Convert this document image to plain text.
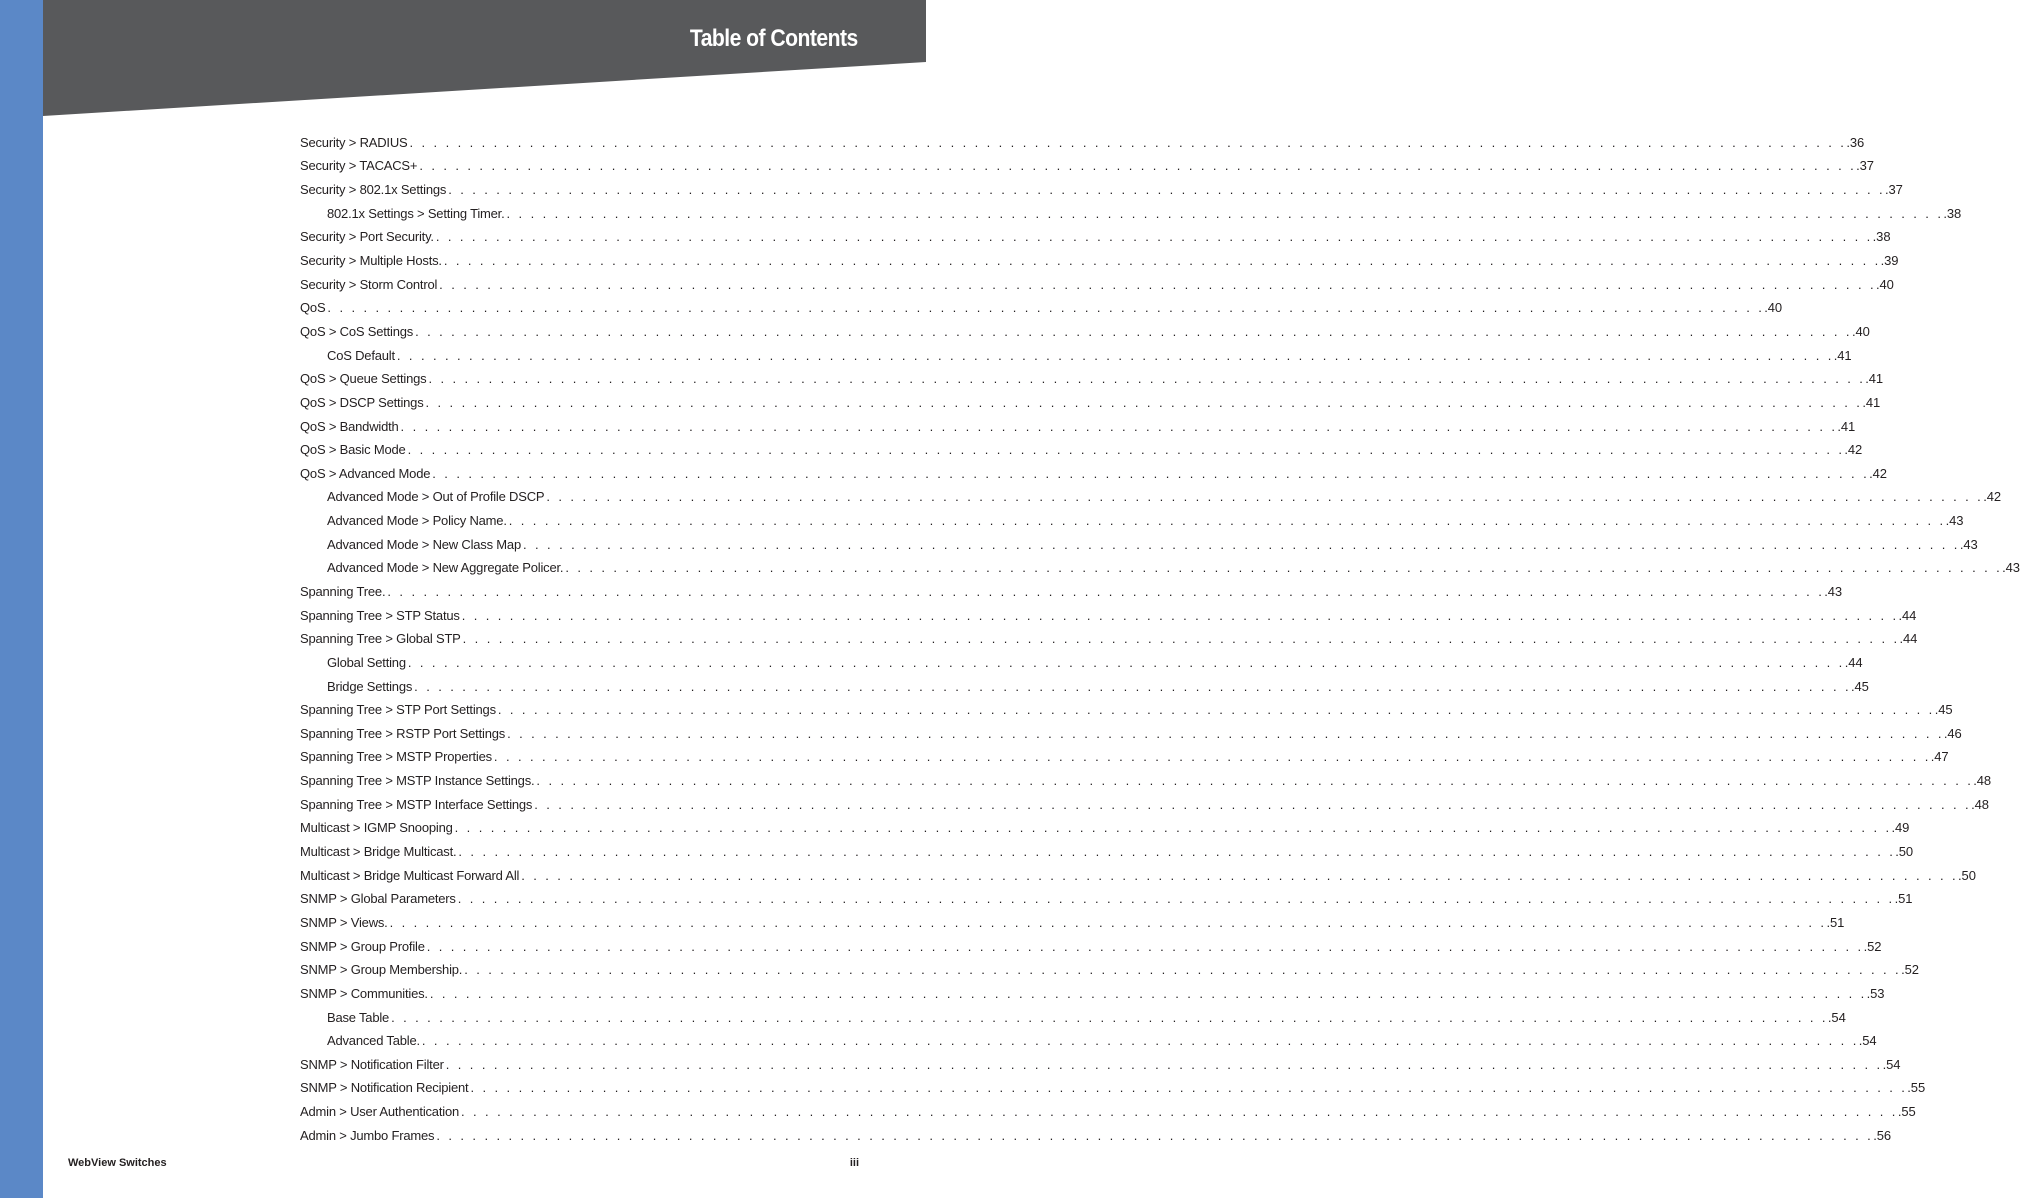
Table of Contents
Security > RADIUS . . . . . . . . . . . . . . . . . . . . . . . . . . . . . . . . . . . . . . . . . . . . . . . . . . . . . . . . . . . . . . . . . . . . . . . . . . . . . . . . . . . . . . . . . . . . . . . . . . . . . . . . . . . . . . . . . . . . . . . . .36
Security > TACACS+ . . . . . . . . . . . . . . . . . . . . . . . . . . . . . . . . . . . . . . . . . . . . . . . . . . . . . . . . . . . . . . . . . . . . . . . . . . . . . . . . . . . . . . . . . . . . . . . . . . . . . . . . . . . . . . . . . . . . . . . . .37
Security > 802.1x Settings . . . . . . . . . . . . . . . . . . . . . . . . . . . . . . . . . . . . . . . . . . . . . . . . . . . . . . . . . . . . . . . . . . . . . . . . . . . . . . . . . . . . . . . . . . . . . . . . . . . . . . . . . . . . . . . . . . . . . . . . .37
802.1x Settings > Setting Timer. . . . . . . . . . . . . . . . . . . . . . . . . . . . . . . . . . . . . . . . . . . . . . . . . . . . . . . . . . . . . . . . . . . . . . . . . . . . . . . . . . . . . . . . . . . . . . . . . . . . . . . . . . . . . . . . . . . . . . . . . .38
Security > Port Security. . . . . . . . . . . . . . . . . . . . . . . . . . . . . . . . . . . . . . . . . . . . . . . . . . . . . . . . . . . . . . . . . . . . . . . . . . . . . . . . . . . . . . . . . . . . . . . . . . . . . . . . . . . . . . . . . . . . . . . . . .38
Security > Multiple Hosts. . . . . . . . . . . . . . . . . . . . . . . . . . . . . . . . . . . . . . . . . . . . . . . . . . . . . . . . . . . . . . . . . . . . . . . . . . . . . . . . . . . . . . . . . . . . . . . . . . . . . . . . . . . . . . . . . . . . . . . . . .39
Security > Storm Control . . . . . . . . . . . . . . . . . . . . . . . . . . . . . . . . . . . . . . . . . . . . . . . . . . . . . . . . . . . . . . . . . . . . . . . . . . . . . . . . . . . . . . . . . . . . . . . . . . . . . . . . . . . . . . . . . . . . . . . . .40
QoS . . . . . . . . . . . . . . . . . . . . . . . . . . . . . . . . . . . . . . . . . . . . . . . . . . . . . . . . . . . . . . . . . . . . . . . . . . . . . . . . . . . . . . . . . . . . . . . . . . . . . . . . . . . . . . . . . . . . . . . . .40
QoS > CoS Settings . . . . . . . . . . . . . . . . . . . . . . . . . . . . . . . . . . . . . . . . . . . . . . . . . . . . . . . . . . . . . . . . . . . . . . . . . . . . . . . . . . . . . . . . . . . . . . . . . . . . . . . . . . . . . . . . . . . . . . . . .40
CoS Default . . . . . . . . . . . . . . . . . . . . . . . . . . . . . . . . . . . . . . . . . . . . . . . . . . . . . . . . . . . . . . . . . . . . . . . . . . . . . . . . . . . . . . . . . . . . . . . . . . . . . . . . . . . . . . . . . . . . . . . . .41
QoS > Queue Settings . . . . . . . . . . . . . . . . . . . . . . . . . . . . . . . . . . . . . . . . . . . . . . . . . . . . . . . . . . . . . . . . . . . . . . . . . . . . . . . . . . . . . . . . . . . . . . . . . . . . . . . . . . . . . . . . . . . . . . . . .41
QoS > DSCP Settings . . . . . . . . . . . . . . . . . . . . . . . . . . . . . . . . . . . . . . . . . . . . . . . . . . . . . . . . . . . . . . . . . . . . . . . . . . . . . . . . . . . . . . . . . . . . . . . . . . . . . . . . . . . . . . . . . . . . . . . . .41
QoS > Bandwidth . . . . . . . . . . . . . . . . . . . . . . . . . . . . . . . . . . . . . . . . . . . . . . . . . . . . . . . . . . . . . . . . . . . . . . . . . . . . . . . . . . . . . . . . . . . . . . . . . . . . . . . . . . . . . . . . . . . . . . . . .41
QoS > Basic Mode . . . . . . . . . . . . . . . . . . . . . . . . . . . . . . . . . . . . . . . . . . . . . . . . . . . . . . . . . . . . . . . . . . . . . . . . . . . . . . . . . . . . . . . . . . . . . . . . . . . . . . . . . . . . . . . . . . . . . . . . .42
QoS > Advanced Mode . . . . . . . . . . . . . . . . . . . . . . . . . . . . . . . . . . . . . . . . . . . . . . . . . . . . . . . . . . . . . . . . . . . . . . . . . . . . . . . . . . . . . . . . . . . . . . . . . . . . . . . . . . . . . . . . . . . . . . . . .42
Advanced Mode > Out of Profile DSCP . . . . . . . . . . . . . . . . . . . . . . . . . . . . . . . . . . . . . . . . . . . . . . . . . . . . . . . . . . . . . . . . . . . . . . . . . . . . . . . . . . . . . . . . . . . . . . . . . . . . . . . . . . . . . . . . . . . . . . . . .42
Advanced Mode > Policy Name. . . . . . . . . . . . . . . . . . . . . . . . . . . . . . . . . . . . . . . . . . . . . . . . . . . . . . . . . . . . . . . . . . . . . . . . . . . . . . . . . . . . . . . . . . . . . . . . . . . . . . . . . . . . . . . . . . . . . . . . . .43
Advanced Mode > New Class Map . . . . . . . . . . . . . . . . . . . . . . . . . . . . . . . . . . . . . . . . . . . . . . . . . . . . . . . . . . . . . . . . . . . . . . . . . . . . . . . . . . . . . . . . . . . . . . . . . . . . . . . . . . . . . . . . . . . . . . . . .43
Advanced Mode > New Aggregate Policer. . . . . . . . . . . . . . . . . . . . . . . . . . . . . . . . . . . . . . . . . . . . . . . . . . . . . . . . . . . . . . . . . . . . . . . . . . . . . . . . . . . . . . . . . . . . . . . . . . . . . . . . . . . . . . . . . . . . . . . . . .43
Spanning Tree. . . . . . . . . . . . . . . . . . . . . . . . . . . . . . . . . . . . . . . . . . . . . . . . . . . . . . . . . . . . . . . . . . . . . . . . . . . . . . . . . . . . . . . . . . . . . . . . . . . . . . . . . . . . . . . . . . . . . . . . . .43
Spanning Tree > STP Status . . . . . . . . . . . . . . . . . . . . . . . . . . . . . . . . . . . . . . . . . . . . . . . . . . . . . . . . . . . . . . . . . . . . . . . . . . . . . . . . . . . . . . . . . . . . . . . . . . . . . . . . . . . . . . . . . . . . . . . . .44
Spanning Tree > Global STP . . . . . . . . . . . . . . . . . . . . . . . . . . . . . . . . . . . . . . . . . . . . . . . . . . . . . . . . . . . . . . . . . . . . . . . . . . . . . . . . . . . . . . . . . . . . . . . . . . . . . . . . . . . . . . . . . . . . . . . . .44
Global Setting . . . . . . . . . . . . . . . . . . . . . . . . . . . . . . . . . . . . . . . . . . . . . . . . . . . . . . . . . . . . . . . . . . . . . . . . . . . . . . . . . . . . . . . . . . . . . . . . . . . . . . . . . . . . . . . . . . . . . . . . .44
Bridge Settings . . . . . . . . . . . . . . . . . . . . . . . . . . . . . . . . . . . . . . . . . . . . . . . . . . . . . . . . . . . . . . . . . . . . . . . . . . . . . . . . . . . . . . . . . . . . . . . . . . . . . . . . . . . . . . . . . . . . . . . . .45
Spanning Tree > STP Port Settings . . . . . . . . . . . . . . . . . . . . . . . . . . . . . . . . . . . . . . . . . . . . . . . . . . . . . . . . . . . . . . . . . . . . . . . . . . . . . . . . . . . . . . . . . . . . . . . . . . . . . . . . . . . . . . . . . . . . . . . . .45
Spanning Tree > RSTP Port Settings . . . . . . . . . . . . . . . . . . . . . . . . . . . . . . . . . . . . . . . . . . . . . . . . . . . . . . . . . . . . . . . . . . . . . . . . . . . . . . . . . . . . . . . . . . . . . . . . . . . . . . . . . . . . . . . . . . . . . . . . .46
Spanning Tree > MSTP Properties . . . . . . . . . . . . . . . . . . . . . . . . . . . . . . . . . . . . . . . . . . . . . . . . . . . . . . . . . . . . . . . . . . . . . . . . . . . . . . . . . . . . . . . . . . . . . . . . . . . . . . . . . . . . . . . . . . . . . . . . .47
Spanning Tree > MSTP Instance Settings. . . . . . . . . . . . . . . . . . . . . . . . . . . . . . . . . . . . . . . . . . . . . . . . . . . . . . . . . . . . . . . . . . . . . . . . . . . . . . . . . . . . . . . . . . . . . . . . . . . . . . . . . . . . . . . . . . . . . . . . . .48
Spanning Tree > MSTP Interface Settings . . . . . . . . . . . . . . . . . . . . . . . . . . . . . . . . . . . . . . . . . . . . . . . . . . . . . . . . . . . . . . . . . . . . . . . . . . . . . . . . . . . . . . . . . . . . . . . . . . . . . . . . . . . . . . . . . . . . . . . . .48
Multicast > IGMP Snooping . . . . . . . . . . . . . . . . . . . . . . . . . . . . . . . . . . . . . . . . . . . . . . . . . . . . . . . . . . . . . . . . . . . . . . . . . . . . . . . . . . . . . . . . . . . . . . . . . . . . . . . . . . . . . . . . . . . . . . . . .49
Multicast > Bridge Multicast. . . . . . . . . . . . . . . . . . . . . . . . . . . . . . . . . . . . . . . . . . . . . . . . . . . . . . . . . . . . . . . . . . . . . . . . . . . . . . . . . . . . . . . . . . . . . . . . . . . . . . . . . . . . . . . . . . . . . . . . . .50
Multicast > Bridge Multicast Forward All . . . . . . . . . . . . . . . . . . . . . . . . . . . . . . . . . . . . . . . . . . . . . . . . . . . . . . . . . . . . . . . . . . . . . . . . . . . . . . . . . . . . . . . . . . . . . . . . . . . . . . . . . . . . . . . . . . . . . . . . .50
SNMP > Global Parameters . . . . . . . . . . . . . . . . . . . . . . . . . . . . . . . . . . . . . . . . . . . . . . . . . . . . . . . . . . . . . . . . . . . . . . . . . . . . . . . . . . . . . . . . . . . . . . . . . . . . . . . . . . . . . . . . . . . . . . . . .51
SNMP > Views. . . . . . . . . . . . . . . . . . . . . . . . . . . . . . . . . . . . . . . . . . . . . . . . . . . . . . . . . . . . . . . . . . . . . . . . . . . . . . . . . . . . . . . . . . . . . . . . . . . . . . . . . . . . . . . . . . . . . . . . . .51
SNMP > Group Profile . . . . . . . . . . . . . . . . . . . . . . . . . . . . . . . . . . . . . . . . . . . . . . . . . . . . . . . . . . . . . . . . . . . . . . . . . . . . . . . . . . . . . . . . . . . . . . . . . . . . . . . . . . . . . . . . . . . . . . . . .52
SNMP > Group Membership. . . . . . . . . . . . . . . . . . . . . . . . . . . . . . . . . . . . . . . . . . . . . . . . . . . . . . . . . . . . . . . . . . . . . . . . . . . . . . . . . . . . . . . . . . . . . . . . . . . . . . . . . . . . . . . . . . . . . . . . . .52
SNMP > Communities. . . . . . . . . . . . . . . . . . . . . . . . . . . . . . . . . . . . . . . . . . . . . . . . . . . . . . . . . . . . . . . . . . . . . . . . . . . . . . . . . . . . . . . . . . . . . . . . . . . . . . . . . . . . . . . . . . . . . . . . . .53
Base Table . . . . . . . . . . . . . . . . . . . . . . . . . . . . . . . . . . . . . . . . . . . . . . . . . . . . . . . . . . . . . . . . . . . . . . . . . . . . . . . . . . . . . . . . . . . . . . . . . . . . . . . . . . . . . . . . . . . . . . . . .54
Advanced Table. . . . . . . . . . . . . . . . . . . . . . . . . . . . . . . . . . . . . . . . . . . . . . . . . . . . . . . . . . . . . . . . . . . . . . . . . . . . . . . . . . . . . . . . . . . . . . . . . . . . . . . . . . . . . . . . . . . . . . . . . .54
SNMP > Notification Filter . . . . . . . . . . . . . . . . . . . . . . . . . . . . . . . . . . . . . . . . . . . . . . . . . . . . . . . . . . . . . . . . . . . . . . . . . . . . . . . . . . . . . . . . . . . . . . . . . . . . . . . . . . . . . . . . . . . . . . . . .54
SNMP > Notification Recipient . . . . . . . . . . . . . . . . . . . . . . . . . . . . . . . . . . . . . . . . . . . . . . . . . . . . . . . . . . . . . . . . . . . . . . . . . . . . . . . . . . . . . . . . . . . . . . . . . . . . . . . . . . . . . . . . . . . . . . . . .55
Admin > User Authentication . . . . . . . . . . . . . . . . . . . . . . . . . . . . . . . . . . . . . . . . . . . . . . . . . . . . . . . . . . . . . . . . . . . . . . . . . . . . . . . . . . . . . . . . . . . . . . . . . . . . . . . . . . . . . . . . . . . . . . . . .55
Admin > Jumbo Frames . . . . . . . . . . . . . . . . . . . . . . . . . . . . . . . . . . . . . . . . . . . . . . . . . . . . . . . . . . . . . . . . . . . . . . . . . . . . . . . . . . . . . . . . . . . . . . . . . . . . . . . . . . . . . . . . . . . . . . . . .56
WebView Switches	iii
